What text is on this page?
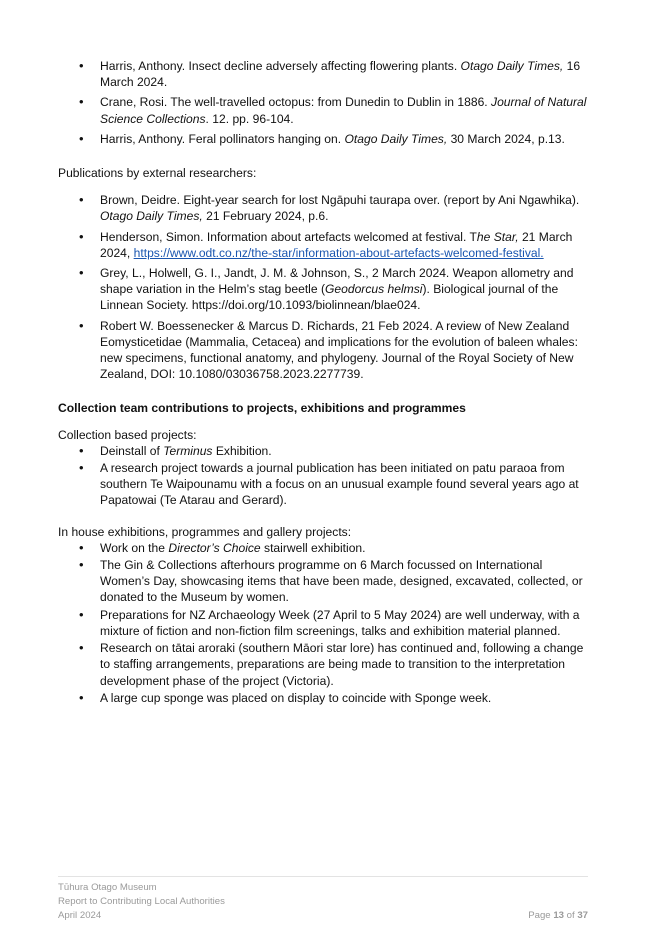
• Harris, Anthony. Insect decline adversely affecting flowering plants. Otago Daily Times, 16 March 2024.
• Crane, Rosi. The well-travelled octopus: from Dunedin to Dublin in 1886. Journal of Natural Science Collections. 12. pp. 96-104.
• Harris, Anthony. Feral pollinators hanging on. Otago Daily Times, 30 March 2024, p.13.

Publications by external researchers:

• Brown, Deidre. Eight-year search for lost Ngāpuhi taurapa over. (report by Ani Ngawhika). Otago Daily Times, 21 February 2024, p.6.
• Henderson, Simon. Information about artefacts welcomed at festival. The Star, 21 March 2024, https://www.odt.co.nz/the-star/information-about-artefacts-welcomed-festival.
• Grey, L., Holwell, G. I., Jandt, J. M. & Johnson, S., 2 March 2024. Weapon allometry and shape variation in the Helm’s stag beetle (Geodorcus helmsi). Biological journal of the Linnean Society. https://doi.org/10.1093/biolinnean/blae024.
• Robert W. Boessenecker & Marcus D. Richards, 21 Feb 2024. A review of New Zealand Eomysticetidae (Mammalia, Cetacea) and implications for the evolution of baleen whales: new specimens, functional anatomy, and phylogeny. Journal of the Royal Society of New Zealand, DOI: 10.1080/03036758.2023.2277739.

Collection team contributions to projects, exhibitions and programmes

Collection based projects:

• Deinstall of Terminus Exhibition.
• A research project towards a journal publication has been initiated on patu paraoa from southern Te Waipounamu with a focus on an unusual example found several years ago at Papatowai (Te Atarau and Gerard).

In house exhibitions, programmes and gallery projects:

• Work on the Director’s Choice stairwell exhibition.
• The Gin & Collections afterhours programme on 6 March focussed on International Women’s Day, showcasing items that have been made, designed, excavated, collected, or donated to the Museum by women.
• Preparations for NZ Archaeology Week (27 April to 5 May 2024) are well underway, with a mixture of fiction and non-fiction film screenings, talks and exhibition material planned.
• Research on tātai aroraki (southern Māori star lore) has continued and, following a change to staffing arrangements, preparations are being made to transition to the interpretation development phase of the project (Victoria).
• A large cup sponge was placed on display to coincide with Sponge week.
Tūhura Otago Museum
Report to Contributing Local Authorities
April 2024	Page 13 of 37
